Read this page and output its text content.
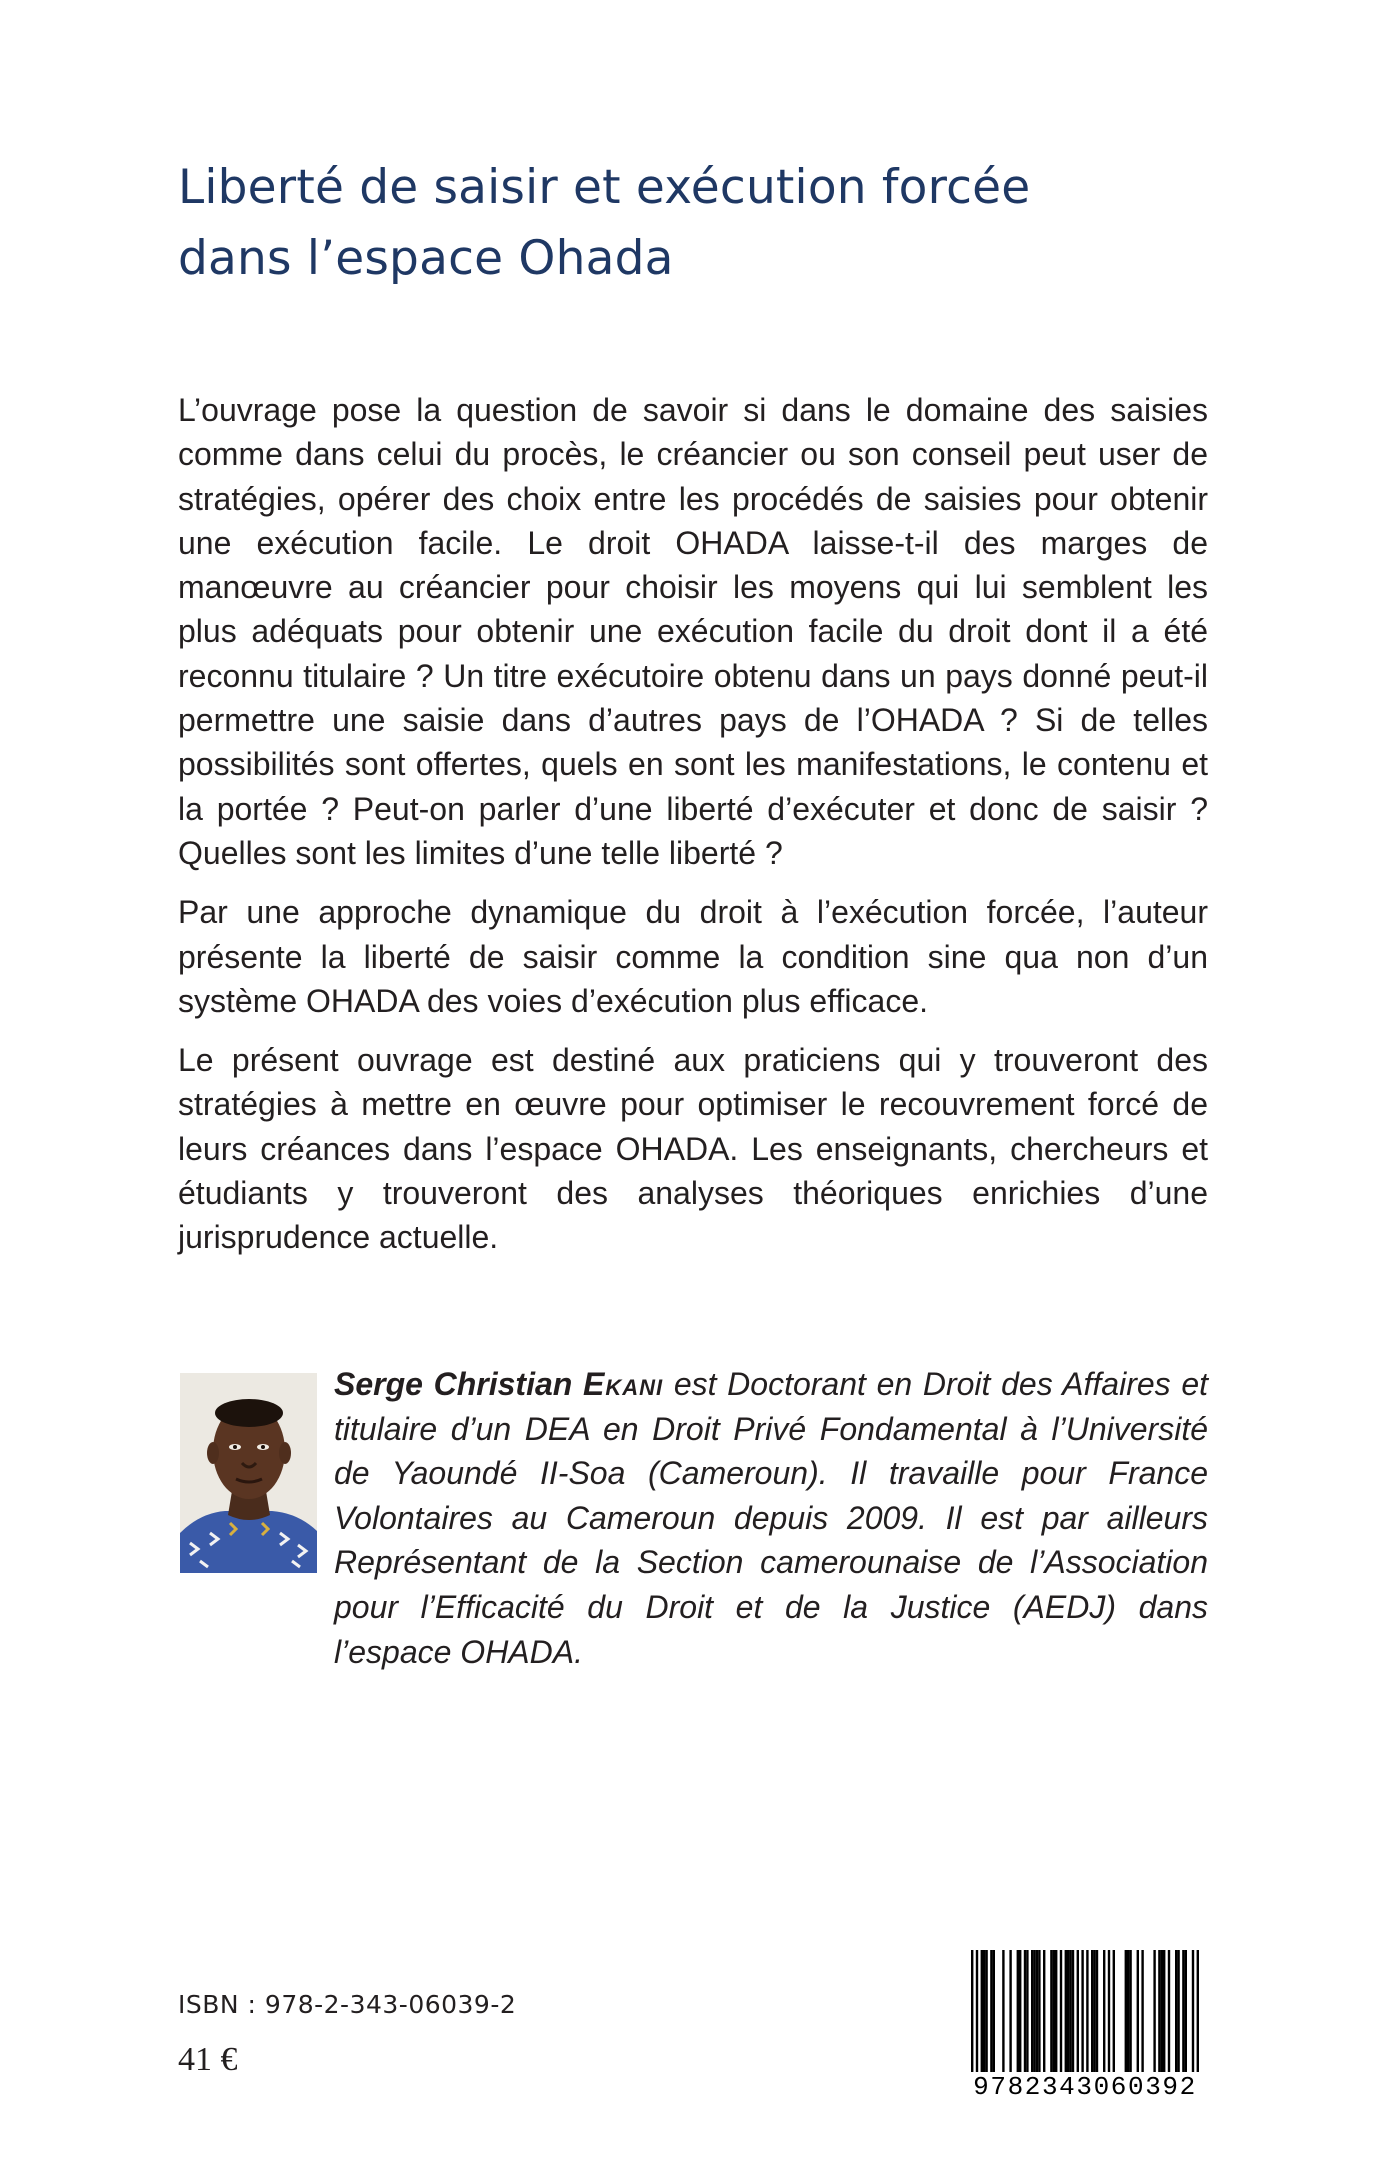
Liberté de saisir et exécution forcée
dans l’espace Ohada

L’ouvrage pose la question de savoir si dans le domaine des saisies comme dans celui du procès, le créancier ou son conseil peut user de stratégies, opérer des choix entre les procédés de saisies pour obtenir une exécution facile. Le droit OHADA laisse-t-il des marges de manœuvre au créancier pour choisir les moyens qui lui semblent les plus adéquats pour obtenir une exécution facile du droit dont il a été reconnu titulaire ? Un titre exécutoire obtenu dans un pays donné peut-il permettre une saisie dans d’autres pays de l’OHADA ? Si de telles possibilités sont offertes, quels en sont les manifestations, le contenu et la portée ? Peut-on parler d’une liberté d’exécuter et donc de saisir ? Quelles sont les limites d’une telle liberté ?

Par une approche dynamique du droit à l’exécution forcée, l’auteur présente la liberté de saisir comme la condition sine qua non d’un système OHADA des voies d’exécution plus efficace.

Le présent ouvrage est destiné aux praticiens qui y trouveront des stratégies à mettre en œuvre pour optimiser le recouvrement forcé de leurs créances dans l’espace OHADA. Les enseignants, chercheurs et étudiants y trouveront des analyses théoriques enrichies d’une jurisprudence actuelle.

Serge Christian Ekani est Doctorant en Droit des Affaires et titulaire d’un DEA en Droit Privé Fondamental à l’Université de Yaoundé II-Soa (Cameroun). Il travaille pour France Volontaires au Cameroun depuis 2009. Il est par ailleurs Représentant de la Section camerounaise de l’Association pour l’Efficacité du Droit et de la Justice (AEDJ) dans l’espace OHADA.

ISBN : 978-2-343-06039-2
41 €
9782343060392
